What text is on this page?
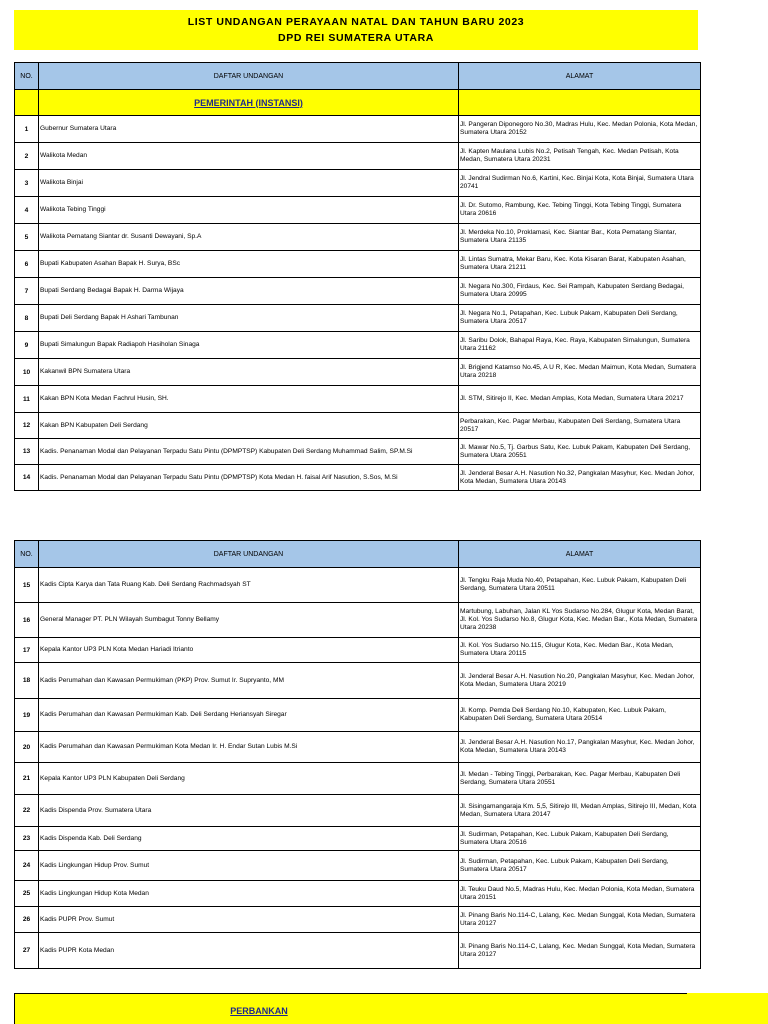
LIST UNDANGAN PERAYAAN NATAL DAN TAHUN BARU 2023
DPD REI SUMATERA UTARA
NO.	DAFTAR UNDANGAN	ALAMAT
	PEMERINTAH (INSTANSI)	
1	Gubernur Sumatera Utara	Jl. Pangeran Diponegoro No.30, Madras Hulu, Kec. Medan Polonia, Kota Medan, Sumatera Utara 20152
2	Walikota Medan	Jl. Kapten Maulana Lubis No.2, Petisah Tengah, Kec. Medan Petisah, Kota Medan, Sumatera Utara 20231
3	Walikota Binjai	Jl. Jendral Sudirman No.6, Kartini, Kec. Binjai Kota, Kota Binjai, Sumatera Utara 20741
4	Walikota Tebing Tinggi	Jl. Dr. Sutomo, Rambung, Kec. Tebing Tinggi, Kota Tebing Tinggi, Sumatera Utara 20616
5	Walikota Pematang Siantar dr. Susanti Dewayani, Sp.A	Jl. Merdeka No.10, Proklamasi, Kec. Siantar Bar., Kota Pematang Siantar, Sumatera Utara 21135
6	Bupati Kabupaten Asahan Bapak H. Surya, BSc	Jl. Lintas Sumatra, Mekar Baru, Kec. Kota Kisaran Barat, Kabupaten Asahan, Sumatera Utara 21211
7	Bupati Serdang Bedagai Bapak H. Darma Wijaya	Jl. Negara No.300, Firdaus, Kec. Sei Rampah, Kabupaten Serdang Bedagai, Sumatera Utara 20995
8	Bupati Deli Serdang Bapak H Ashari Tambunan	Jl. Negara No.1, Petapahan, Kec. Lubuk Pakam, Kabupaten Deli Serdang, Sumatera Utara 20517
9	Bupati Simalungun Bapak Radiapoh Hasiholan Sinaga	Jl. Saribu Dolok, Bahapal Raya, Kec. Raya, Kabupaten Simalungun, Sumatera Utara 21162
10	Kakanwil BPN Sumatera Utara	Jl. Brigjend Katamso No.45, A U R, Kec. Medan Maimun, Kota Medan, Sumatera Utara 20218
11	Kakan BPN Kota Medan Fachrul Husin, SH.	Jl. STM, Sitirejo II, Kec. Medan Amplas, Kota Medan, Sumatera Utara 20217
12	Kakan BPN Kabupaten Deli Serdang	Perbarakan, Kec. Pagar Merbau, Kabupaten Deli Serdang, Sumatera Utara 20517
13	Kadis. Penanaman Modal dan Pelayanan Terpadu Satu Pintu (DPMPTSP) Kabupaten Deli Serdang Muhammad Salim, SP.M.Si	Jl. Mawar No.5, Tj. Garbus Satu, Kec. Lubuk Pakam, Kabupaten Deli Serdang, Sumatera Utara 20551
14	Kadis. Penanaman Modal dan Pelayanan Terpadu Satu Pintu (DPMPTSP) Kota Medan H. faisal Arif Nasution, S.Sos, M.Si	Jl. Jenderal Besar A.H. Nasution No.32, Pangkalan Masyhur, Kec. Medan Johor, Kota Medan, Sumatera Utara 20143
NO.	DAFTAR UNDANGAN	ALAMAT
15	Kadis Cipta Karya dan Tata Ruang Kab. Deli Serdang Rachmadsyah ST	Jl. Tengku Raja Muda No.40, Petapahan, Kec. Lubuk Pakam, Kabupaten Deli Serdang, Sumatera Utara 20511
16	General Manager PT. PLN Wilayah Sumbagut Tonny Bellamy	Martubung, Labuhan, Jalan KL Yos Sudarso No.284, Glugur Kota, Medan Barat, Jl. Kol. Yos Sudarso No.8, Glugur Kota, Kec. Medan Bar., Kota Medan, Sumatera Utara 20238
17	Kepala Kantor UP3 PLN Kota Medan Hariadi Itrianto	Jl. Kol. Yos Sudarso No.115, Glugur Kota, Kec. Medan Bar., Kota Medan, Sumatera Utara 20115
18	Kadis Perumahan dan Kawasan Permukiman (PKP) Prov. Sumut Ir. Supryanto, MM	Jl. Jenderal Besar A.H. Nasution No.20, Pangkalan Masyhur, Kec. Medan Johor, Kota Medan, Sumatera Utara 20219
19	Kadis Perumahan dan Kawasan Permukiman Kab. Deli Serdang Heriansyah Siregar	Jl. Komp. Pemda Deli Serdang No.10, Kabupaten, Kec. Lubuk Pakam, Kabupaten Deli Serdang, Sumatera Utara 20514
20	Kadis Perumahan dan Kawasan Permukiman Kota Medan Ir. H. Endar Sutan Lubis M.Si	Jl. Jenderal Besar A.H. Nasution No.17, Pangkalan Masyhur, Kec. Medan Johor, Kota Medan, Sumatera Utara 20143
21	Kepala Kantor UP3 PLN Kabupaten Deli Serdang	Jl. Medan - Tebing Tinggi, Perbarakan, Kec. Pagar Merbau, Kabupaten Deli Serdang, Sumatera Utara 20551
22	Kadis Dispenda Prov. Sumatera Utara	Jl. Sisingamangaraja Km. 5,5, Sitirejo III, Medan Amplas, Sitirejo III, Medan, Kota Medan, Sumatera Utara 20147
23	Kadis Dispenda Kab. Deli Serdang	Jl. Sudirman, Petapahan, Kec. Lubuk Pakam, Kabupaten Deli Serdang, Sumatera Utara 20516
24	Kadis Lingkungan Hidup Prov. Sumut	Jl. Sudirman, Petapahan, Kec. Lubuk Pakam, Kabupaten Deli Serdang, Sumatera Utara 20517
25	Kadis Lingkungan Hidup Kota Medan	Jl. Teuku Daud No.5, Madras Hulu, Kec. Medan Polonia, Kota Medan, Sumatera Utara 20151
26	Kadis PUPR Prov. Sumut	Jl. Pinang Baris No.114-C, Lalang, Kec. Medan Sunggal, Kota Medan, Sumatera Utara 20127
27	Kadis PUPR Kota Medan	Jl. Pinang Baris No.114-C, Lalang, Kec. Medan Sunggal, Kota Medan, Sumatera Utara 20127
PERBANKAN
